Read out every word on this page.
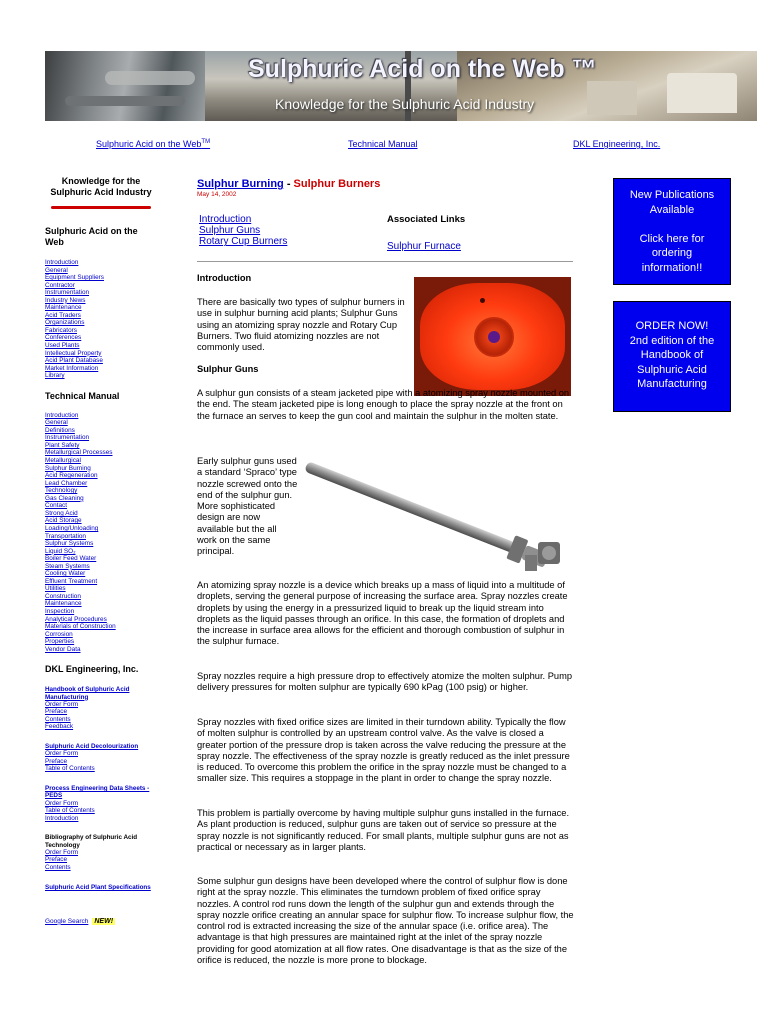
Sulphuric Acid on the Web ™
Knowledge for the Sulphuric Acid Industry
Sulphuric Acid on the Web™	Technical Manual	DKL Engineering, Inc.
Knowledge for the Sulphuric Acid Industry
Sulphuric Acid on the Web
Introduction
General
Equipment Suppliers
Contractor
Instrumentation
Industry News
Maintenance
Acid Traders
Organizations
Fabricators
Conferences
Used Plants
Intellectual Property
Acid Plant Database
Market Information
Library
Technical Manual
Introduction
General
Definitions
Instrumentation
Plant Safety
Metallurgical Processes
Metallurgical
Sulphur Burning
Acid Regeneration
Lead Chamber
Technology
Gas Cleaning
Contact
Strong Acid
Acid Storage
Loading/Unloading
Transportation
Sulphur Systems
Liquid SO₂
Boiler Feed Water
Steam Systems
Cooling Water
Effluent Treatment
Utilities
Construction
Maintenance
Inspection
Analytical Procedures
Materials of Construction
Corrosion
Properties
Vendor Data
DKL Engineering, Inc.
Handbook of Sulphuric Acid Manufacturing
Order Form
Preface
Contents
Feedback
Sulphuric Acid Decolourization
Order Form
Preface
Table of Contents
Process Engineering Data Sheets - PEDS
Order Form
Table of Contents
Introduction
Bibliography of Sulphuric Acid Technology
Order Form
Preface
Contents
Sulphuric Acid Plant Specifications
Google Search NEW!
Sulphur Burning - Sulphur Burners
May 14, 2002
Introduction
Sulphur Guns
Rotary Cup Burners
Associated Links
Sulphur Furnace
Introduction
There are basically two types of sulphur burners in use in sulphur burning acid plants; Sulphur Guns using an atomizing spray nozzle and Rotary Cup Burners. Two fluid atomizing nozzles are not commonly used.
Sulphur Guns
A sulphur gun consists of a steam jacketed pipe with a atomizing spray nozzle mounted on the end. The steam jacketed pipe is long enough to place the spray nozzle at the front on the furnace an serves to keep the gun cool and maintain the sulphur in the molten state.
Early sulphur guns used a standard ‘Spraco’ type nozzle screwed onto the end of the sulphur gun. More sophisticated design are now available but the all work on the same principal.
An atomizing spray nozzle is a device which breaks up a mass of liquid into a multitude of droplets, serving the general purpose of increasing the surface area. Spray nozzles create droplets by using the energy in a pressurized liquid to break up the liquid stream into droplets as the liquid passes through an orifice. In this case, the formation of droplets and the increase in surface area allows for the efficient and thorough combustion of sulphur in the sulphur furnace.
Spray nozzles require a high pressure drop to effectively atomize the molten sulphur. Pump delivery pressures for molten sulphur are typically 690 kPag (100 psig) or higher.
Spray nozzles with fixed orifice sizes are limited in their turndown ability. Typically the flow of molten sulphur is controlled by an upstream control valve. As the valve is closed a greater portion of the pressure drop is taken across the valve reducing the pressure at the spray nozzle. The effectiveness of the spray nozzle is greatly reduced as the inlet pressure is reduced. To overcome this problem the orifice in the spray nozzle must be changed to a smaller size. This requires a stoppage in the plant in order to change the spray nozzle.
This problem is partially overcome by having multiple sulphur guns installed in the furnace. As plant production is reduced, sulphur guns are taken out of service so pressure at the spray nozzle is not significantly reduced. For small plants, multiple sulphur guns are not as practical or necessary as in larger plants.
Some sulphur gun designs have been developed where the control of sulphur flow is done right at the spray nozzle. This eliminates the turndown problem of fixed orifice spray nozzles. A control rod runs down the length of the sulphur gun and extends through the spray nozzle orifice creating an annular space for sulphur flow. To increase sulphur flow, the control rod is extracted increasing the size of the annular space (i.e. orifice area). The advantage is that high pressures are maintained right at the inlet of the spray nozzle providing for good atomization at all flow rates. One disadvantage is that as the size of the orifice is reduced, the nozzle is more prone to blockage.
New Publications
Available
Click here for
ordering
information!!
ORDER NOW!
2nd edition of the
Handbook of
Sulphuric Acid
Manufacturing
